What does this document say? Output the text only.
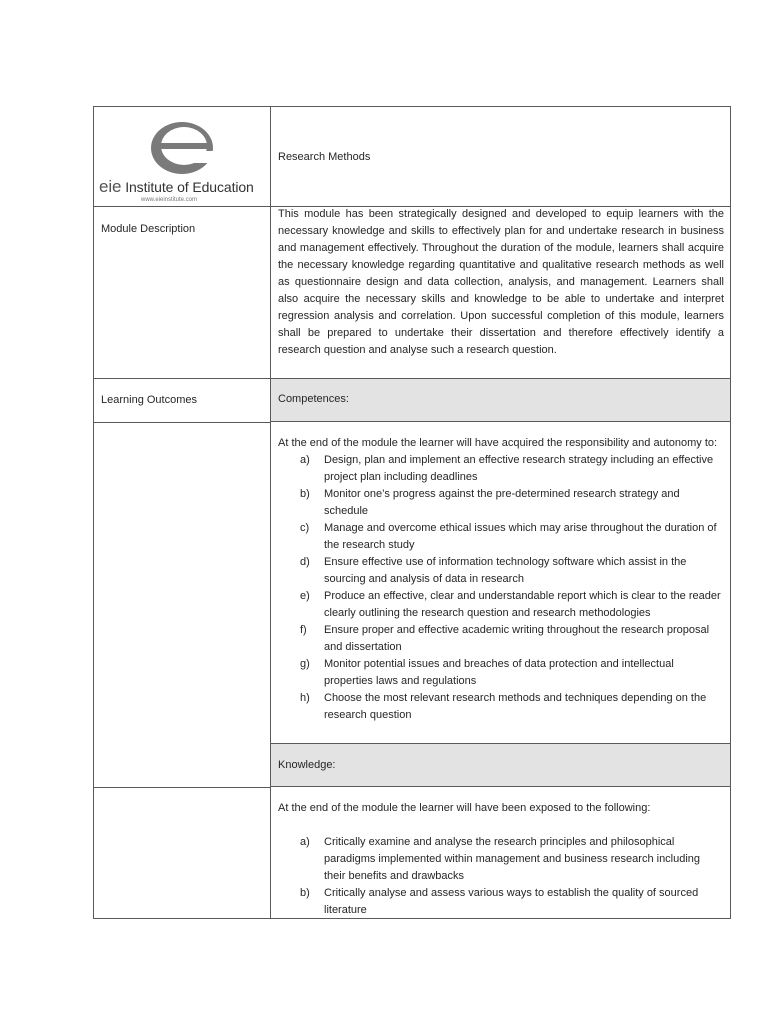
eie Institute of Education
www.eieinstitute.com
Research Methods
Module Description
This module has been strategically designed and developed to equip learners with the necessary knowledge and skills to effectively plan for and undertake research in business and management effectively. Throughout the duration of the module, learners shall acquire the necessary knowledge regarding quantitative and qualitative research methods as well as questionnaire design and data collection, analysis, and management. Learners shall also acquire the necessary skills and knowledge to be able to undertake and interpret regression analysis and correlation. Upon successful completion of this module, learners shall be prepared to undertake their dissertation and therefore effectively identify a research question and analyse such a research question.
Learning Outcomes	Competences:
At the end of the module the learner will have acquired the responsibility and autonomy to:
a) Design, plan and implement an effective research strategy including an effective project plan including deadlines
b) Monitor one’s progress against the pre-determined research strategy and schedule
c) Manage and overcome ethical issues which may arise throughout the duration of the research study
d) Ensure effective use of information technology software which assist in the sourcing and analysis of data in research
e) Produce an effective, clear and understandable report which is clear to the reader clearly outlining the research question and research methodologies
f) Ensure proper and effective academic writing throughout the research proposal and dissertation
g) Monitor potential issues and breaches of data protection and intellectual properties laws and regulations
h) Choose the most relevant research methods and techniques depending on the research question
Knowledge:
At the end of the module the learner will have been exposed to the following:
a) Critically examine and analyse the research principles and philosophical paradigms implemented within management and business research including their benefits and drawbacks
b) Critically analyse and assess various ways to establish the quality of sourced literature
